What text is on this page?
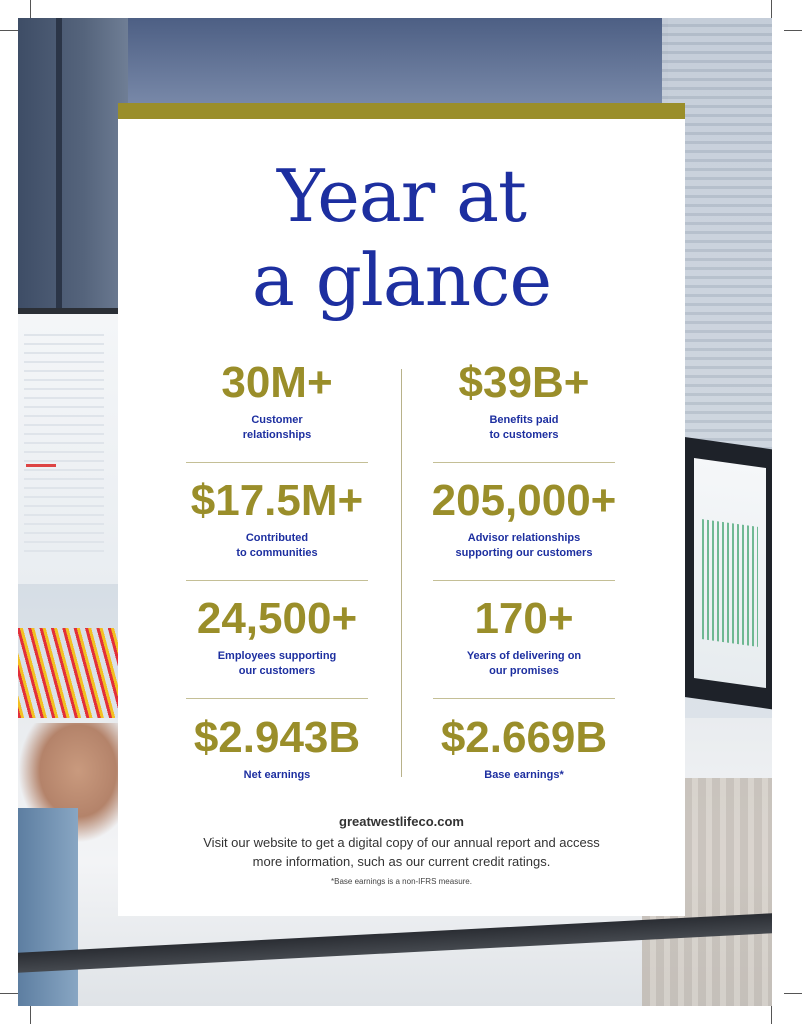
Year at
a glance
30M+
Customer
relationships
$39B+
Benefits paid
to customers
$17.5M+
Contributed
to communities
205,000+
Advisor relationships
supporting our customers
24,500+
Employees supporting
our customers
170+
Years of delivering on
our promises
$2.943B
Net earnings
$2.669B
Base earnings*
greatwestlifeco.com
Visit our website to get a digital copy of our annual report and access
more information, such as our current credit ratings.
*Base earnings is a non-IFRS measure.
